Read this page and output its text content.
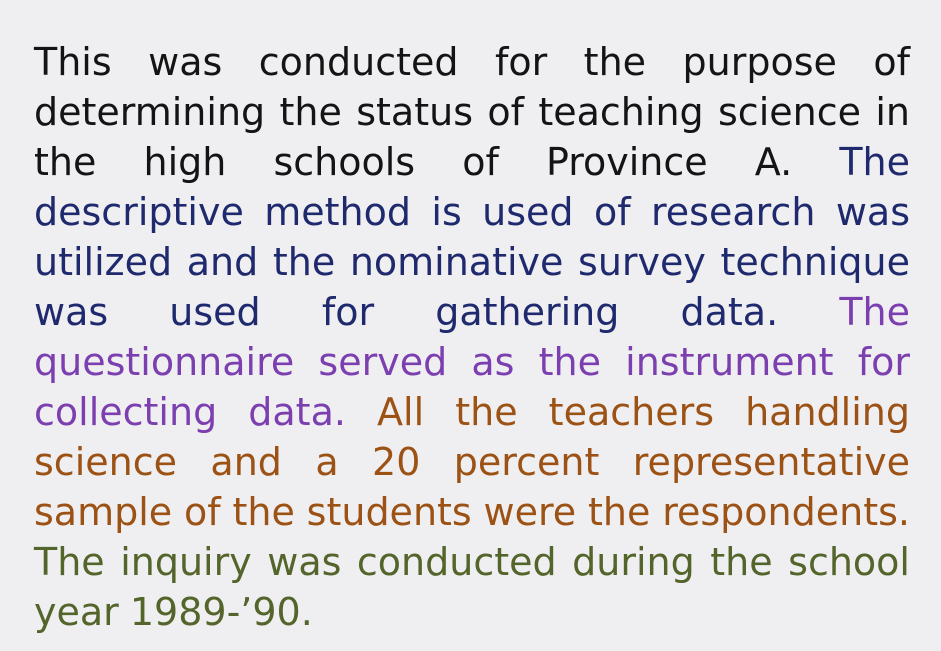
This was conducted for the purpose of determining the status of teaching science in the high schools of Province A. The descriptive method is used of research was utilized and the nominative survey technique was used for gathering data. The questionnaire served as the instrument for collecting data. All the teachers handling science and a 20 percent representative sample of the students were the respondents. The inquiry was conducted during the school year 1989-’90.
